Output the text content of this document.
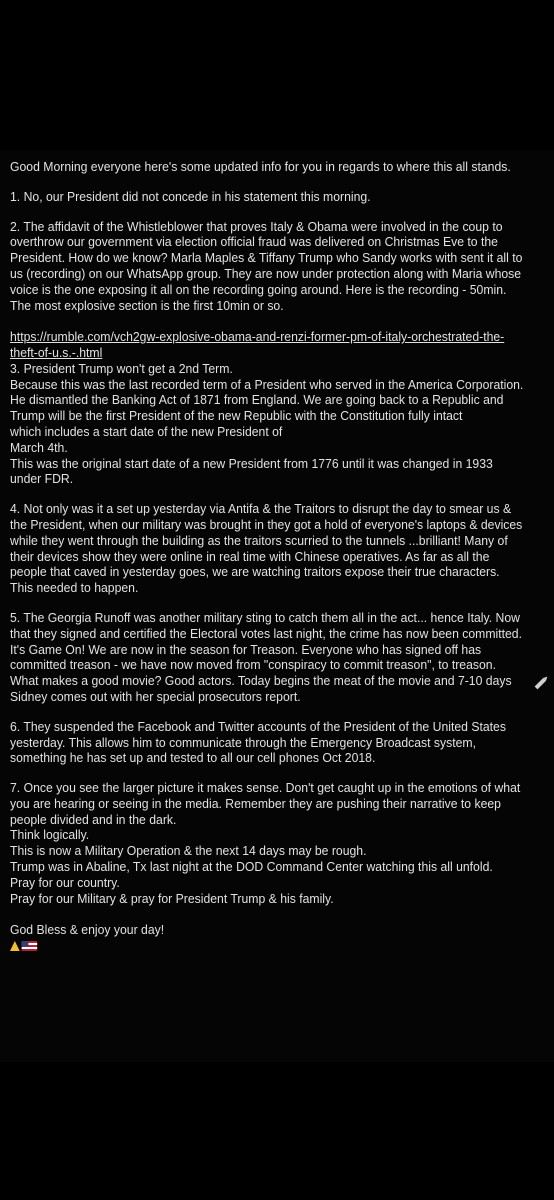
Good Morning everyone here's some updated info for you in regards to where this all stands.

1. No, our President did not concede in his statement this morning.

2. The affidavit of the Whistleblower that proves Italy & Obama were involved in the coup to overthrow our government via election official fraud was delivered on Christmas Eve to the President. How do we know? Marla Maples & Tiffany Trump who Sandy works with sent it all to us (recording) on our WhatsApp group. They are now under protection along with Maria whose voice is the one exposing it all on the recording going around. Here is the recording - 50min. The most explosive section is the first 10min or so.

https://rumble.com/vch2gw-explosive-obama-and-renzi-former-pm-of-italy-orchestrated-the-theft-of-u.s.-.html

3. President Trump won't get a 2nd Term.
Because this was the last recorded term of a President who served in the America Corporation.
He dismantled the Banking Act of 1871 from England. We are going back to a Republic and Trump will be the first President of the new Republic with the Constitution fully intact
which includes a start date of the new President of
March 4th.
This was the original start date of a new President from 1776 until it was changed in 1933 under FDR.

4. Not only was it a set up yesterday via Antifa & the Traitors to disrupt the day to smear us & the President, when our military was brought in they got a hold of everyone's laptops & devices while they went through the building as the traitors scurried to the tunnels ...brilliant! Many of their devices show they were online in real time with Chinese operatives. As far as all the people that caved in yesterday goes, we are watching traitors expose their true characters. This needed to happen.

5. The Georgia Runoff was another military sting to catch them all in the act... hence Italy. Now that they signed and certified the Electoral votes last night, the crime has now been committed. It's Game On! We are now in the season for Treason. Everyone who has signed off has committed treason - we have now moved from "conspiracy to commit treason", to treason. What makes a good movie? Good actors. Today begins the meat of the movie and 7-10 days Sidney comes out with her special prosecutors report.

6. They suspended the Facebook and Twitter accounts of the President of the United States yesterday. This allows him to communicate through the Emergency Broadcast system, something he has set up and tested to all our cell phones Oct 2018.

7. Once you see the larger picture it makes sense. Don't get caught up in the emotions of what you are hearing or seeing in the media. Remember they are pushing their narrative to keep people divided and in the dark.
Think logically.
This is now a Military Operation & the next 14 days may be rough.
Trump was in Abaline, Tx last night at the DOD Command Center watching this all unfold.
Pray for our country.
Pray for our Military & pray for President Trump & his family.

God Bless & enjoy your day!
